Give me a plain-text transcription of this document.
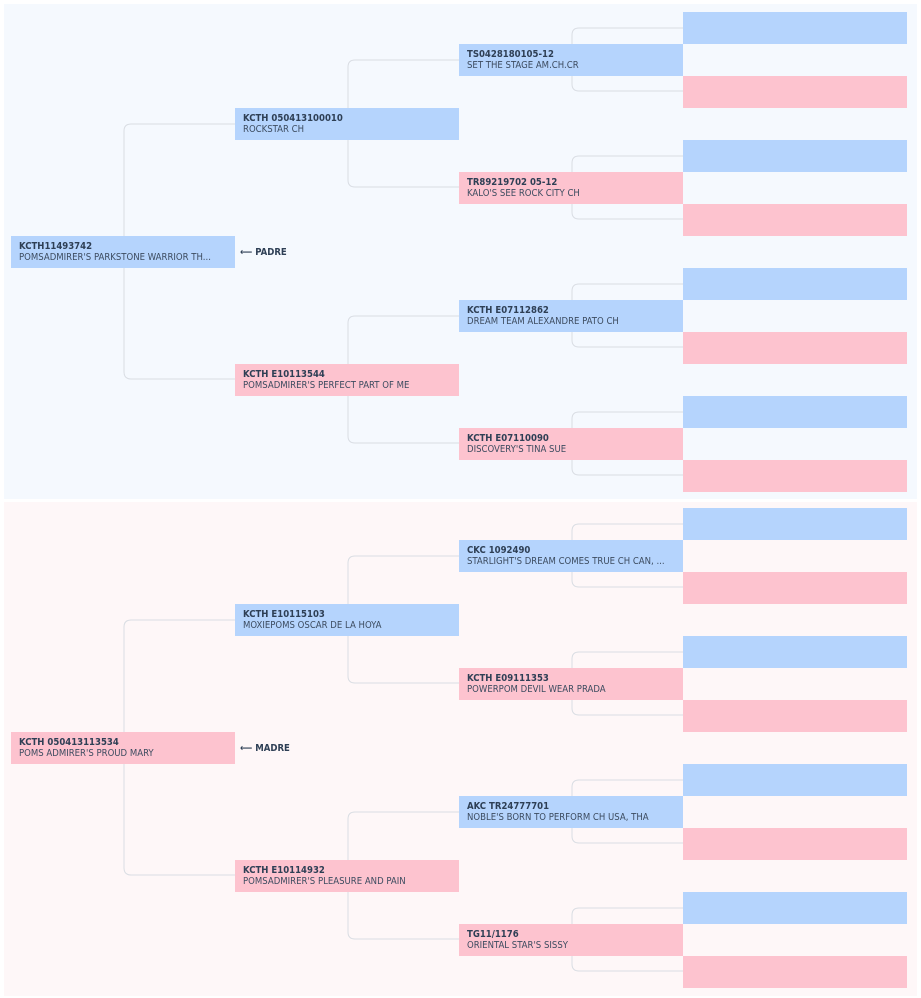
KCTH11493742
POMSADMIRER'S PARKSTONE WARRIOR TH...	⟵ PADRE
KCTH 050413113534
POMS ADMIRER'S PROUD MARY	⟵ MADRE
KCTH 050413100010
ROCKSTAR CH
KCTH E10113544
POMSADMIRER'S PERFECT PART OF ME
KCTH E10115103
MOXIEPOMS OSCAR DE LA HOYA
KCTH E10114932
POMSADMIRER'S PLEASURE AND PAIN
TS0428180105-12
SET THE STAGE AM.CH.CR
TR89219702 05-12
KALO'S SEE ROCK CITY CH
KCTH E07112862
DREAM TEAM ALEXANDRE PATO CH
KCTH E07110090
DISCOVERY'S TINA SUE
CKC 1092490
STARLIGHT'S DREAM COMES TRUE CH CAN, ...
KCTH E09111353
POWERPOM DEVIL WEAR PRADA
AKC TR24777701
NOBLE'S BORN TO PERFORM CH USA, THA
TG11/1176
ORIENTAL STAR'S SISSY
